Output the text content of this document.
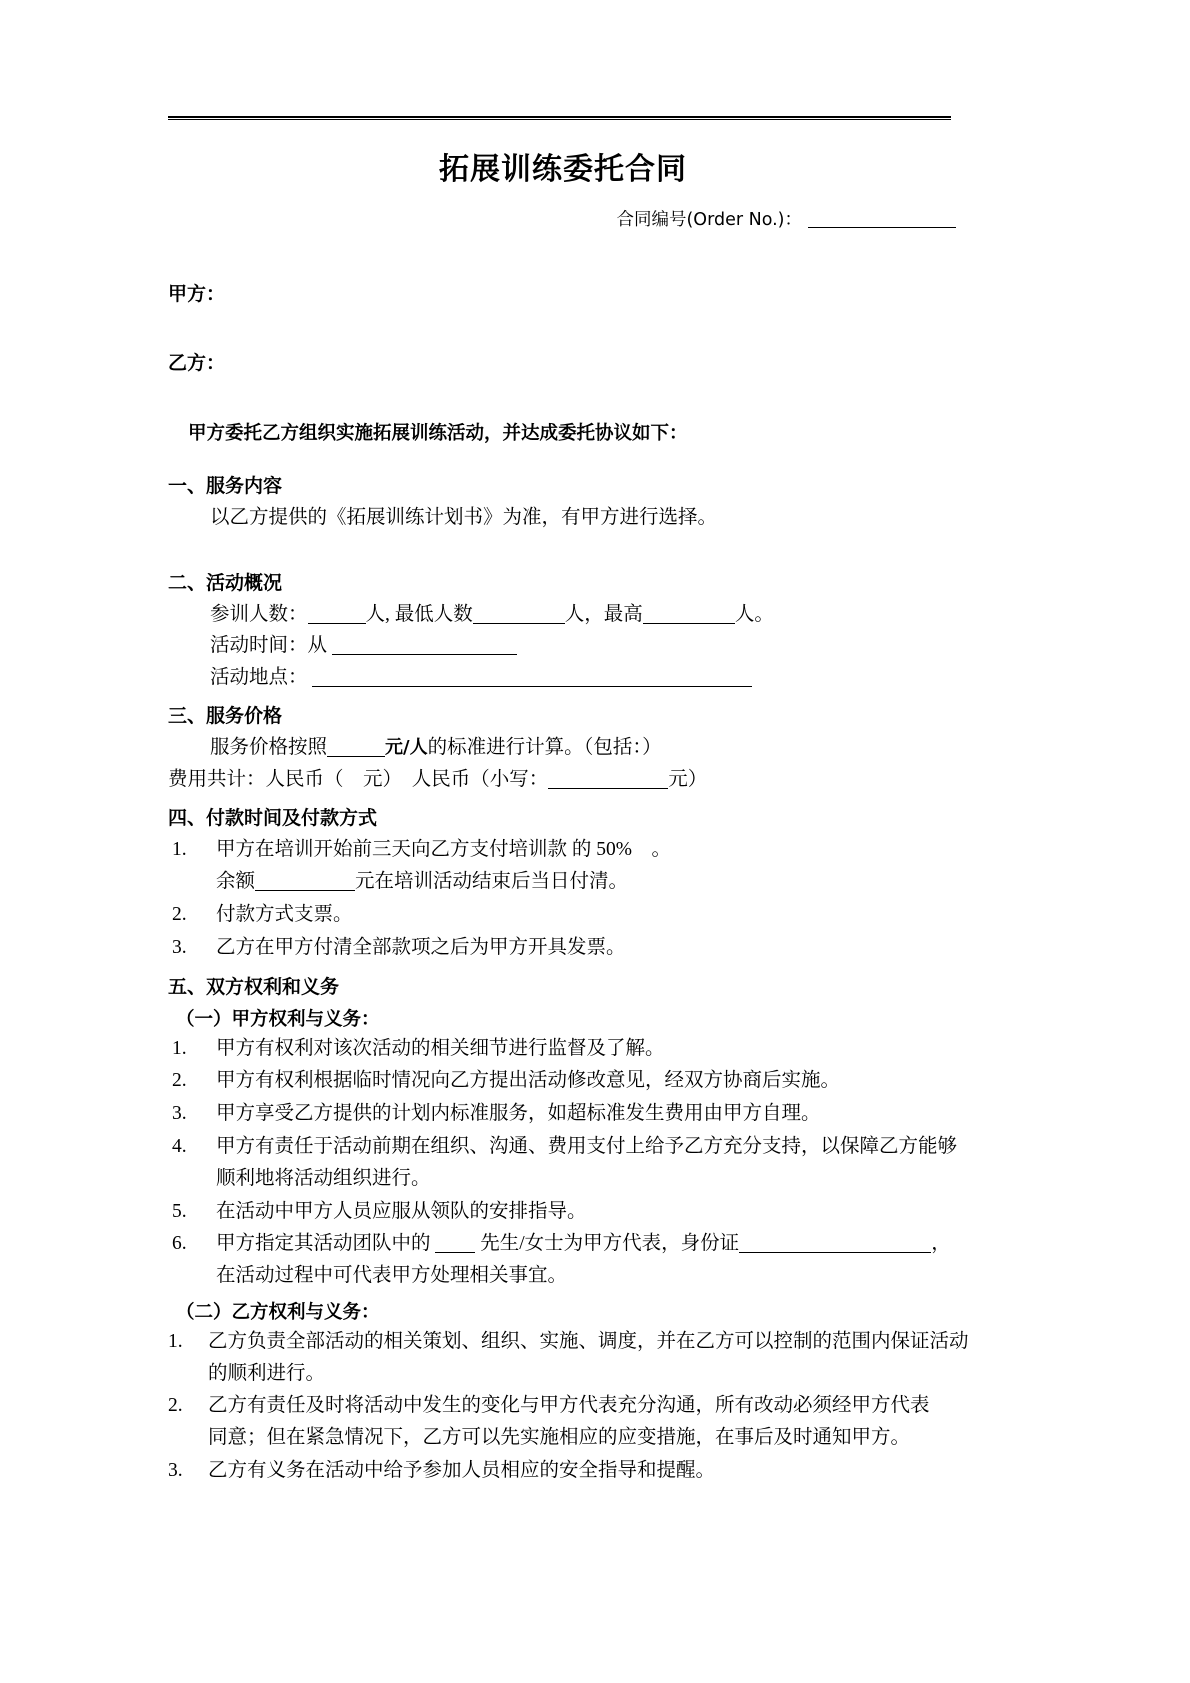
拓展训练委托合同
合同编号(Order No.)：
甲方：
乙方：
甲方委托乙方组织实施拓展训练活动，并达成委托协议如下：
一、服务内容
以乙方提供的《拓展训练计划书》为准，有甲方进行选择。
二、活动概况
参训人数：	人, 最低人数	人，最高	人。
活动时间：从
活动地点：
三、服务价格
服务价格按照	元/人的标准进行计算。（包括：）
费用共计：人民币（　元）　人民币（小写：	元）
四、付款时间及付款方式
1.	甲方在培训开始前三天向乙方支付培训款 的 50%　。
余额	元在培训活动结束后当日付清。
2.	付款方式支票。
3.	乙方在甲方付清全部款项之后为甲方开具发票。
五、双方权利和义务
（一）甲方权利与义务：
1.	甲方有权利对该次活动的相关细节进行监督及了解。
2.	甲方有权利根据临时情况向乙方提出活动修改意见，经双方协商后实施。
3.	甲方享受乙方提供的计划内标准服务，如超标准发生费用由甲方自理。
4.	甲方有责任于活动前期在组织、沟通、费用支付上给予乙方充分支持，以保障乙方能够
顺利地将活动组织进行。
5.	在活动中甲方人员应服从领队的安排指导。
6.	甲方指定其活动团队中的	先生/女士为甲方代表，身份证	，
在活动过程中可代表甲方处理相关事宜。
（二）乙方权利与义务：
1.	乙方负责全部活动的相关策划、组织、实施、调度，并在乙方可以控制的范围内保证活动
的顺利进行。
2.	乙方有责任及时将活动中发生的变化与甲方代表充分沟通，所有改动必须经甲方代表
同意；但在紧急情况下，乙方可以先实施相应的应变措施，在事后及时通知甲方。
3.	乙方有义务在活动中给予参加人员相应的安全指导和提醒。
